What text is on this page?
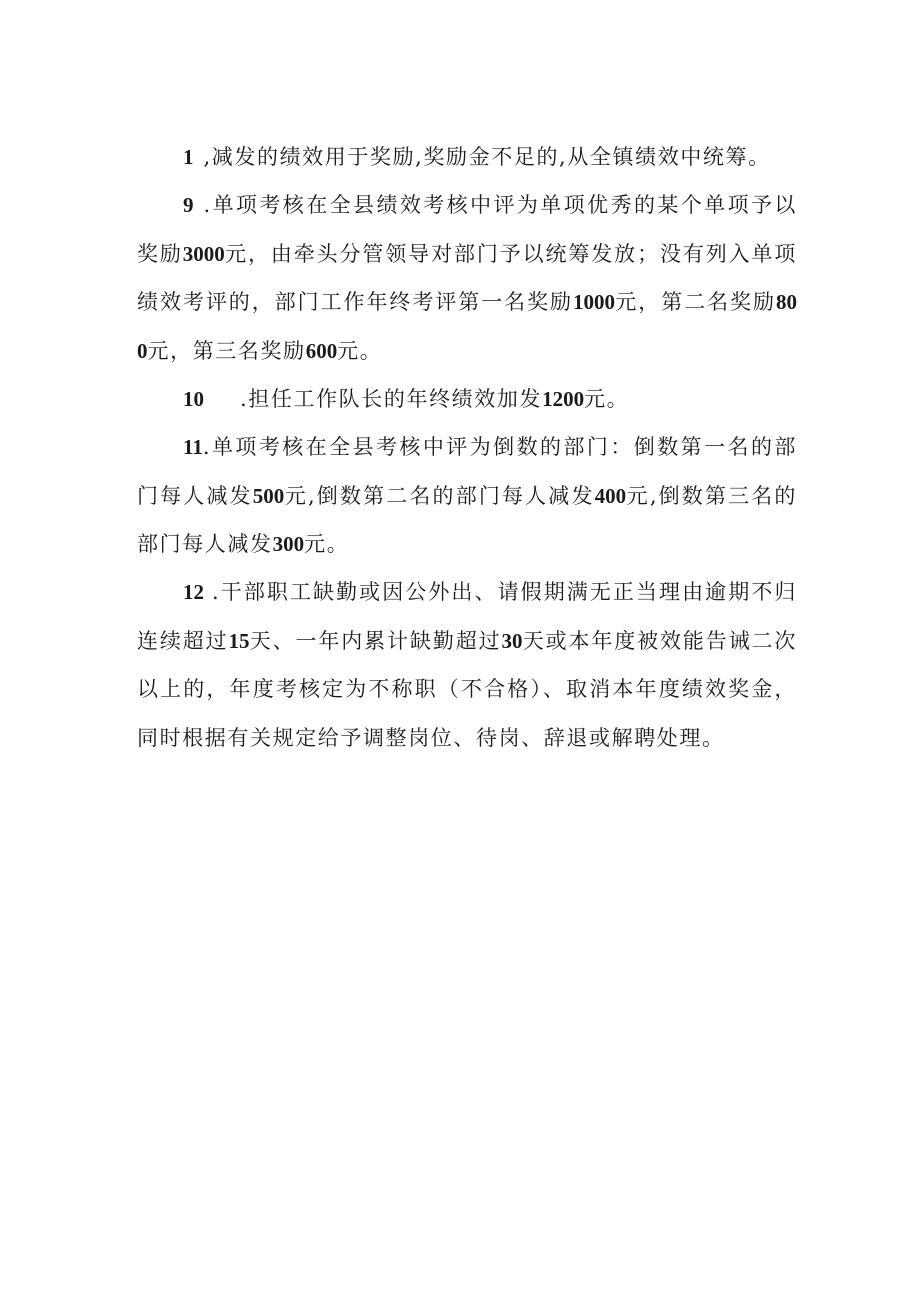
1 ,减发的绩效用于奖励,奖励金不足的,从全镇绩效中统筹。

9 .单项考核在全县绩效考核中评为单项优秀的某个单项予以奖励3000元，由牵头分管领导对部门予以统筹发放；没有列入单项绩效考评的，部门工作年终考评第一名奖励1000元，第二名奖励800元，第三名奖励600元。

10 .担任工作队长的年终绩效加发1200元。

11.单项考核在全县考核中评为倒数的部门：倒数第一名的部门每人减发500元,倒数第二名的部门每人减发400元,倒数第三名的部门每人减发300元。

12 .干部职工缺勤或因公外出、请假期满无正当理由逾期不归连续超过15天、一年内累计缺勤超过30天或本年度被效能告诫二次以上的，年度考核定为不称职（不合格）、取消本年度绩效奖金，同时根据有关规定给予调整岗位、待岗、辞退或解聘处理。
